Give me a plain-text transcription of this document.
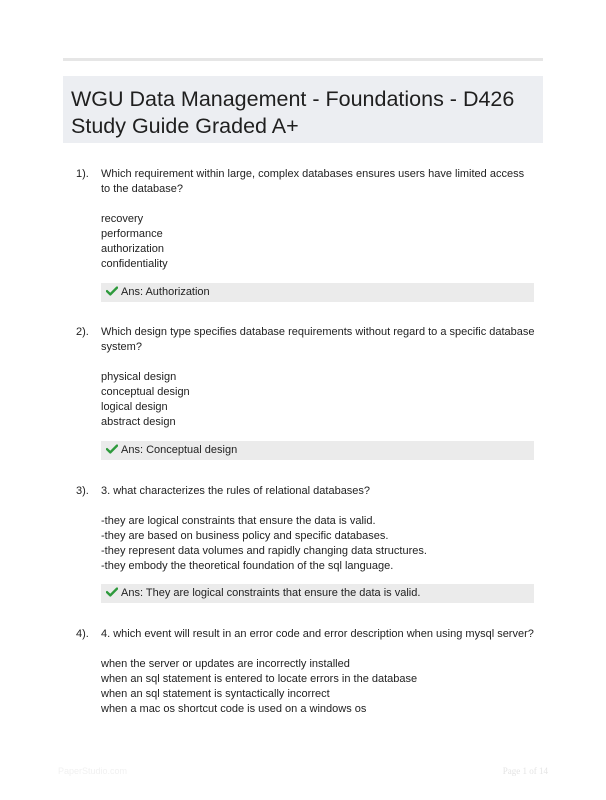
WGU Data Management - Foundations - D426
Study Guide Graded A+
1). Which requirement within large, complex databases ensures users have limited access to the database?
recovery
performance
authorization
confidentiality
Ans: Authorization
2). Which design type specifies database requirements without regard to a specific database system?
physical design
conceptual design
logical design
abstract design
Ans: Conceptual design
3). 3. what characterizes the rules of relational databases?
-they are logical constraints that ensure the data is valid.
-they are based on business policy and specific databases.
-they represent data volumes and rapidly changing data structures.
-they embody the theoretical foundation of the sql language.
Ans: They are logical constraints that ensure the data is valid.
4). 4. which event will result in an error code and error description when using mysql server?
when the server or updates are incorrectly installed
when an sql statement is entered to locate errors in the database
when an sql statement is syntactically incorrect
when a mac os shortcut code is used on a windows os
PaperStudio.com	Page 1 of 14
